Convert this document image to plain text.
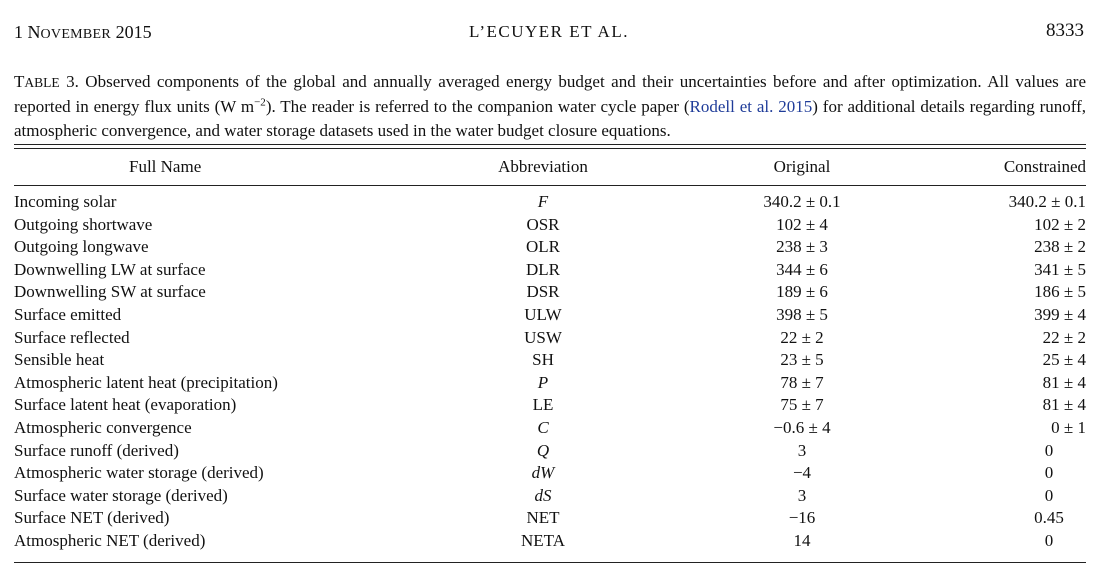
1 NOVEMBER 2015	L’ECUYER ET AL.	8333
TABLE 3. Observed components of the global and annually averaged energy budget and their uncertainties before and after optimization. All values are reported in energy flux units (W $m^{-2}$). The reader is referred to the companion water cycle paper (Rodell et al. 2015) for additional details regarding runoff, atmospheric convergence, and water storage datasets used in the water budget closure equations.
Full Name	Abbreviation	Original	Constrained
Incoming solar	F	340.2 ± 0.1	340.2 ± 0.1
Outgoing shortwave	OSR	102 ± 4	102 ± 2
Outgoing longwave	OLR	238 ± 3	238 ± 2
Downwelling LW at surface	DLR	344 ± 6	341 ± 5
Downwelling SW at surface	DSR	189 ± 6	186 ± 5
Surface emitted	ULW	398 ± 5	399 ± 4
Surface reflected	USW	22 ± 2	22 ± 2
Sensible heat	SH	23 ± 5	25 ± 4
Atmospheric latent heat (precipitation)	P	78 ± 7	81 ± 4
Surface latent heat (evaporation)	LE	75 ± 7	81 ± 4
Atmospheric convergence	C	−0.6 ± 4	0 ± 1
Surface runoff (derived)	Q	3	0
Atmospheric water storage (derived)	dW	−4	0
Surface water storage (derived)	dS	3	0
Surface NET (derived)	NET	−16	0.45
Atmospheric NET (derived)	NETA	14	0
